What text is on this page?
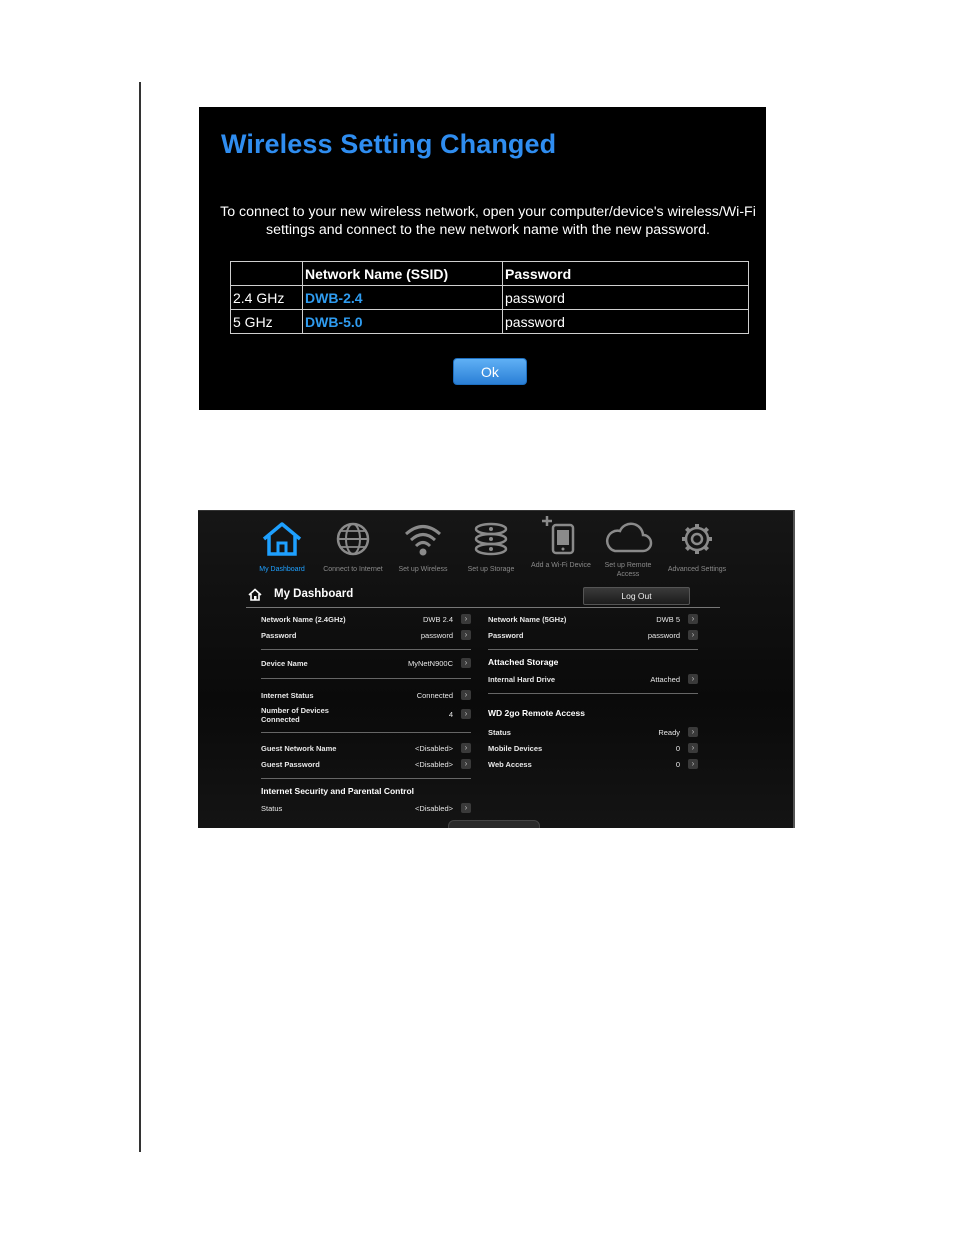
Wireless Setting Changed

To connect to your new wireless network, open your computer/device's wireless/Wi-Fi settings and connect to the new network name with the new password.

	Network Name (SSID)	Password
2.4 GHz	DWB-2.4	password
5 GHz	DWB-5.0	password
Ok
My Dashboard	Connect to Internet	Set up Wireless	Set up Storage
Add a Wi-Fi Device	Set up Remote Access
Advanced Settings
My Dashboard	Log Out
Network Name (2.4GHz)	DWB 2.4	›
Password	password	›
Device Name	MyNetN900C	›
Internet Status	Connected	›
Number of Devices Connected
4	›
Guest Network Name	<Disabled>	›
Guest Password	<Disabled>	›
Internet Security and Parental Control
Status	<Disabled>	›
Network Name (5GHz)	DWB 5	›
Password	password	›
Attached Storage
Internal Hard Drive	Attached	›
WD 2go Remote Access
Status	Ready	›
Mobile Devices	0	›
Web Access	0	›
